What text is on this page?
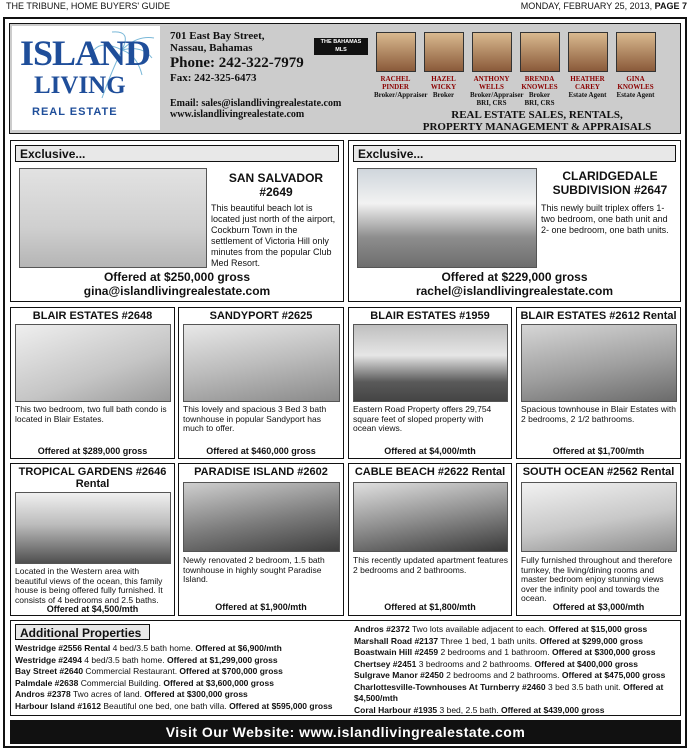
THE TRIBUNE, HOME BUYERS' GUIDE	MONDAY, FEBRUARY 25, 2013, PAGE 7
ISLAND
LIVING
REAL ESTATE
701 East Bay Street,
Nassau, Bahamas
Phone: 242-322-7979
Fax: 242-325-6473
Email: sales@islandlivingrealestate.com
www.islandlivingrealestate.com
THE BAHAMAS
MLS
RACHEL
PINDER
Broker/Appraiser
HAZEL
WICKY
Broker
ANTHONY
WELLS
Broker/Appraiser
BRI, CRS
BRENDA
KNOWLES
Broker
BRI, CRS
HEATHER
CAREY
Estate Agent
GINA
KNOWLES
Estate Agent
REAL ESTATE SALES, RENTALS,
PROPERTY MANAGEMENT & APPRAISALS
Exclusive...
SAN SALVADOR #2649
This beautiful beach lot is located just north of the airport, Cockburn Town in the settlement of Victoria Hill only minutes from the popular Club Med Resort.
Offered at $250,000 gross
gina@islandlivingrealestate.com
Exclusive...
CLARIDGEDALE SUBDIVISION #2647
This newly built triplex offers 1-two bedroom, one bath unit and 2- one bedroom, one bath units.
Offered at $229,000 gross
rachel@islandlivingrealestate.com
BLAIR ESTATES #2648
This two bedroom, two full bath condo is located in Blair Estates.
Offered at $289,000 gross
SANDYPORT #2625
This lovely and spacious 3 Bed 3 bath townhouse in popular Sandyport has much to offer.
Offered at $460,000 gross
BLAIR ESTATES #1959
Eastern Road Property offers 29,754 square feet of sloped property with ocean views.
Offered at $4,000/mth
BLAIR ESTATES #2612 Rental
Spacious townhouse in Blair Estates with 2 bedrooms, 2 1/2 bathrooms.
Offered at $1,700/mth
TROPICAL GARDENS #2646 Rental
Located in the Western area with beautiful views of the ocean, this family house is being offered fully furnished. It consists of 4 bedrooms and 2.5 baths.
Offered at $4,500/mth
PARADISE ISLAND #2602
Newly renovated 2 bedroom, 1.5 bath townhouse in highly sought Paradise Island.
Offered at $1,900/mth
CABLE BEACH #2622 Rental
This recently updated apartment features 2 bedrooms and 2 bathrooms.
Offered at $1,800/mth
SOUTH OCEAN #2562 Rental
Fully furnished throughout and therefore turnkey, the living/dining rooms and master bedroom enjoy stunning views over the infinity pool and towards the ocean.
Offered at $3,000/mth
Additional Properties
Westridge #2556 Rental 4 bed/3.5 bath home. Offered at $6,900/mth
Westridge #2494 4 bed/3.5 bath home. Offered at $1,299,000 gross
Bay Street #2640 Commercial Restaurant. Offered at $700,000 gross
Palmdale #2638 Commercial Building. Offered at $3,600,000 gross
Andros #2378 Two acres of land. Offered at $300,000 gross
Harbour Island #1612 Beautiful one bed, one bath villa. Offered at $595,000 gross
Andros #2372 Two lots available adjacent to each. Offered at $15,000 gross
Marshall Road #2137 Three 1 bed, 1 bath units. Offered at $299,000 gross
Boastwain Hill #2459 2 bedrooms and 1 bathroom. Offered at $300,000 gross
Chertsey #2451 3 bedrooms and 2 bathrooms. Offered at $400,000 gross
Sulgrave Manor #2450 2 bedrooms and 2 bathrooms. Offered at $475,000 gross
Charlottesville-Townhouses At Turnberry #2460 3 bed 3.5 bath unit. Offered at $4,500/mth
Coral Harbour #1935 3 bed, 2.5 bath. Offered at $439,000 gross
Visit Our Website: www.islandlivingrealestate.com
